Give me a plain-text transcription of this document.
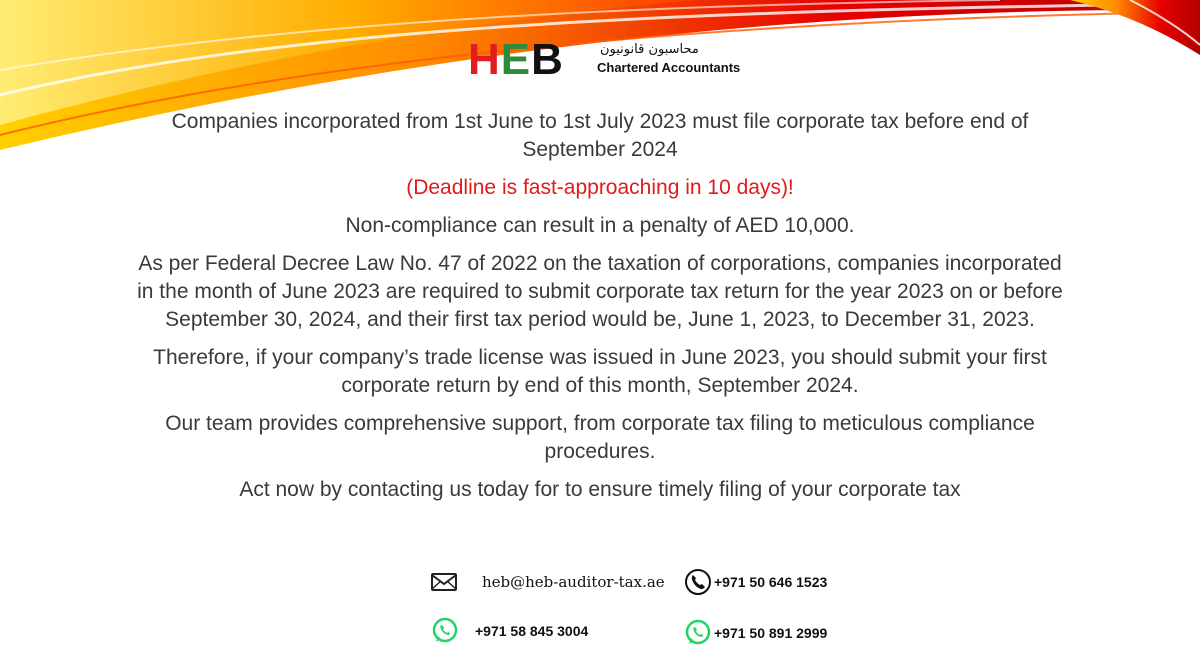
HEB	محاسبون قانونيون
Chartered Accountants

Companies incorporated from 1st June to 1st July 2023 must file corporate tax before end of September 2024

(Deadline is fast-approaching in 10 days)!

Non-compliance can result in a penalty of AED 10,000.

As per Federal Decree Law No. 47 of 2022 on the taxation of corporations, companies incorporated in the month of June 2023 are required to submit corporate tax return for the year 2023 on or before September 30, 2024, and their first tax period would be, June 1, 2023, to December 31, 2023.

Therefore, if your company’s trade license was issued in June 2023, you should submit your first corporate return by end of this month, September 2024.

Our team provides comprehensive support, from corporate tax filing to meticulous compliance procedures.

Act now by contacting us today for to ensure timely filing of your corporate tax

heb@heb-auditor-tax.ae	+971 50 646 1523
+971 58 845 3004	+971 50 891 2999
